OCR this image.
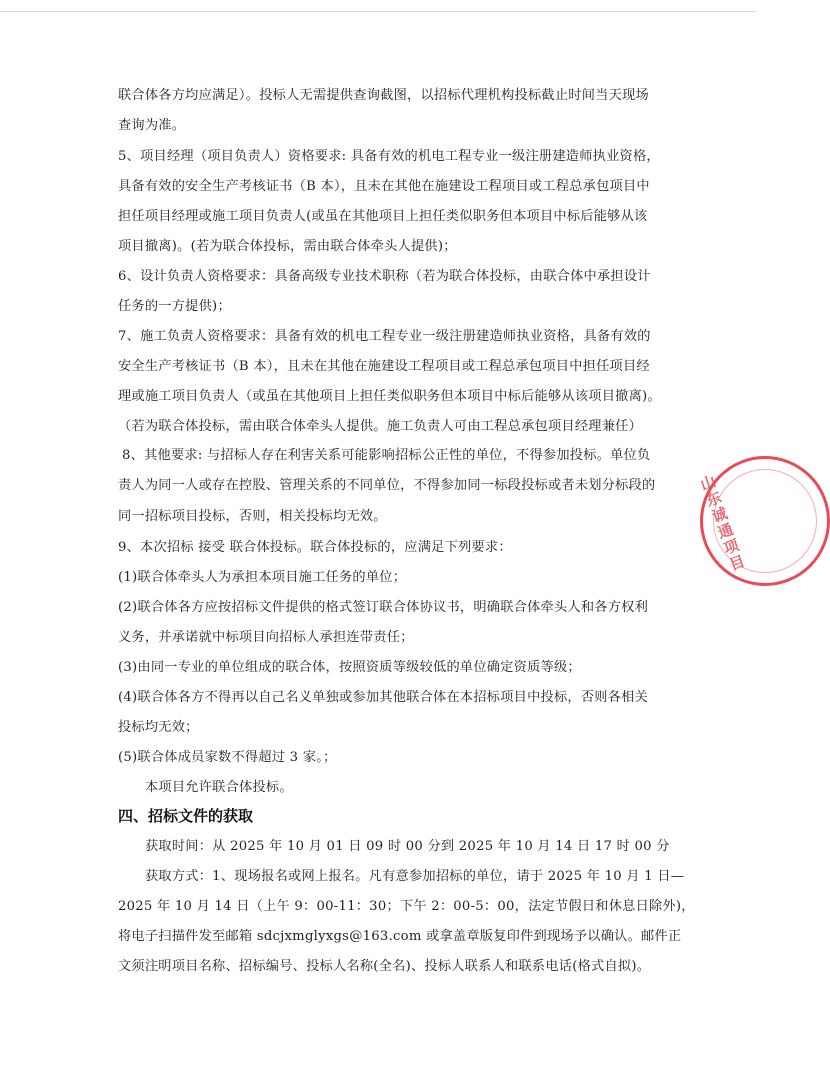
联合体各方均应满足）。投标人无需提供查询截图，以招标代理机构投标截止时间当天现场
查询为准。
5、项目经理（项目负责人）资格要求: 具备有效的机电工程专业一级注册建造师执业资格，
具备有效的安全生产考核证书（B 本），且未在其他在施建设工程项目或工程总承包项目中
担任项目经理或施工项目负责人(或虽在其他项目上担任类似职务但本项目中标后能够从该
项目撤离)。(若为联合体投标，需由联合体牵头人提供)；
6、设计负责人资格要求：具备高级专业技术职称（若为联合体投标，由联合体中承担设计
任务的一方提供)；
7、施工负责人资格要求：具备有效的机电工程专业一级注册建造师执业资格，具备有效的
安全生产考核证书（B 本），且未在其他在施建设工程项目或工程总承包项目中担任项目经
理或施工项目负责人（或虽在其他项目上担任类似职务但本项目中标后能够从该项目撤离)。
（若为联合体投标，需由联合体牵头人提供。施工负责人可由工程总承包项目经理兼任）
8、其他要求: 与招标人存在利害关系可能影响招标公正性的单位，不得参加投标。单位负
责人为同一人或存在控股、管理关系的不同单位，不得参加同一标段投标或者未划分标段的
同一招标项目投标，否则，相关投标均无效。
9、本次招标 接受 联合体投标。联合体投标的，应满足下列要求：
(1)联合体牵头人为承担本项目施工任务的单位；
(2)联合体各方应按招标文件提供的格式签订联合体协议书，明确联合体牵头人和各方权利
义务，并承诺就中标项目向招标人承担连带责任；
(3)由同一专业的单位组成的联合体，按照资质等级较低的单位确定资质等级；
(4)联合体各方不得再以自己名义单独或参加其他联合体在本招标项目中投标，否则各相关
投标均无效；
(5)联合体成员家数不得超过 3 家。；
本项目允许联合体投标。
四、招标文件的获取
获取时间：从 2025 年 10 月 01 日 09 时 00 分到 2025 年 10 月 14 日 17 时 00 分
获取方式：1、现场报名或网上报名。凡有意参加招标的单位，请于 2025 年 10 月 1 日—
2025 年 10 月 14 日（上午 9：00-11：30；下午 2：00-5：00，法定节假日和休息日除外)，
将电子扫描件发至邮箱 sdcjxmglyxgs@163.com 或拿盖章版复印件到现场予以确认。邮件正
文须注明项目名称、招标编号、投标人名称(全名)、投标人联系人和联系电话(格式自拟)。
山东诚通项目
